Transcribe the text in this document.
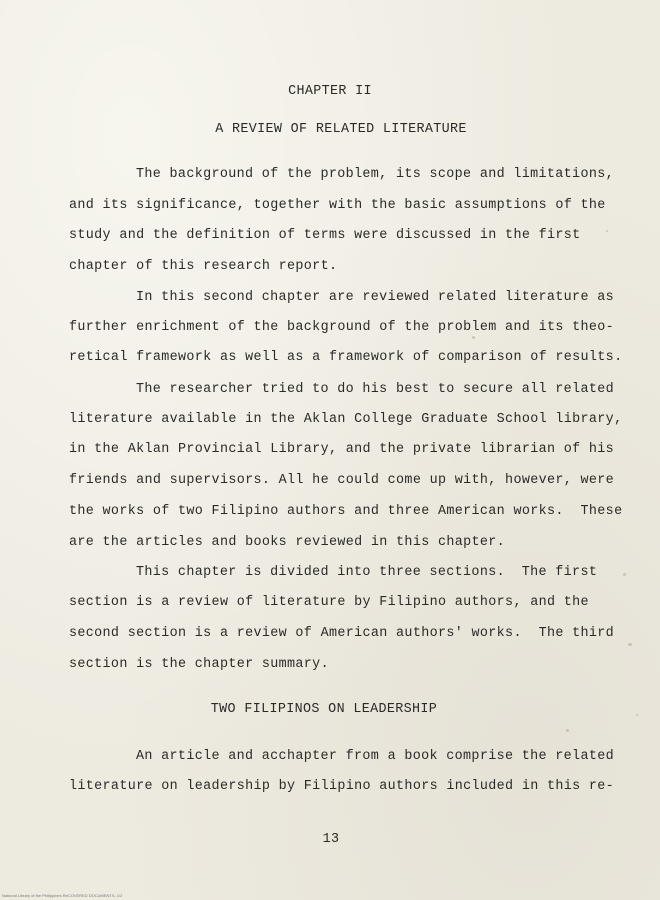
CHAPTER II
A REVIEW OF RELATED LITERATURE
The background of the problem, its scope and limitations,
and its significance, together with the basic assumptions of the
study and the definition of terms were discussed in the first
chapter of this research report.
In this second chapter are reviewed related literature as
further enrichment of the background of the problem and its theo-
retical framework as well as a framework of comparison of results.
The researcher tried to do his best to secure all related
literature available in the Aklan College Graduate School library,
in the Aklan Provincial Library, and the private librarian of his
friends and supervisors. All he could come up with, however, were
the works of two Filipino authors and three American works.  These
are the articles and books reviewed in this chapter.
This chapter is divided into three sections.  The first
section is a review of literature by Filipino authors, and the
second section is a review of American authors' works.  The third
section is the chapter summary.
TWO FILIPINOS ON LEADERSHIP
An article and acchapter from a book comprise the related
literature on leadership by Filipino authors included in this re-
13
National Library of the Philippines ReCOVERED DOCUMENTS, 1/2
